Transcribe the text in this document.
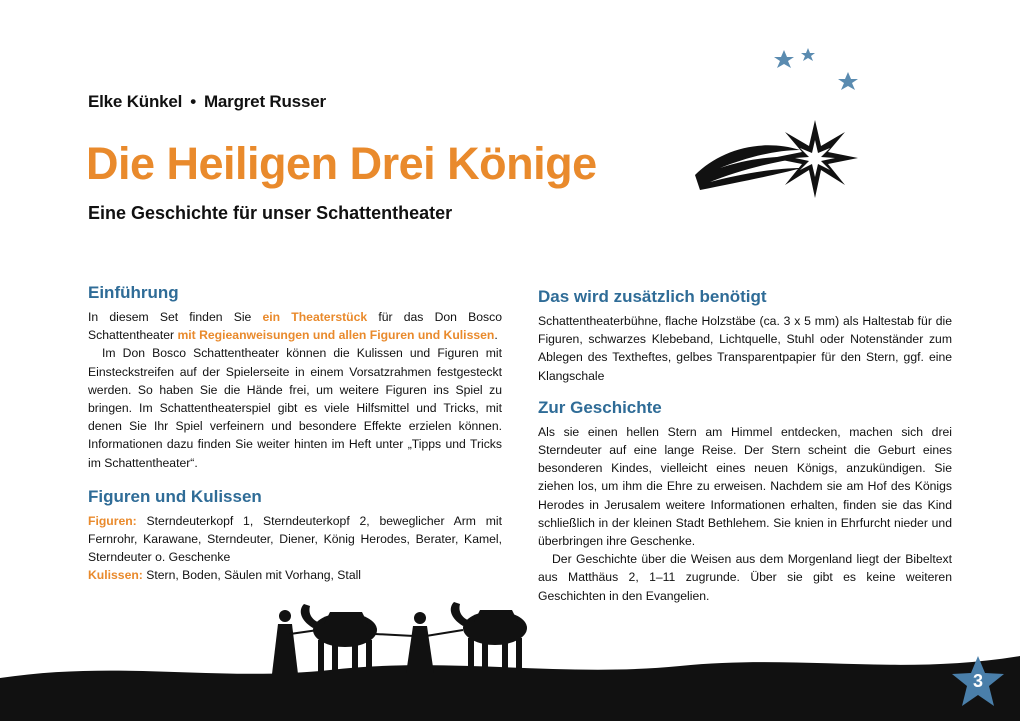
Elke Künkel • Margret Russer
Die Heiligen Drei Könige
Eine Geschichte für unser Schattentheater
Einführung

In diesem Set finden Sie ein Theaterstück für das Don Bosco Schattentheater mit Regieanweisungen und allen Figuren und Kulissen.

Im Don Bosco Schattentheater können die Kulissen und Figuren mit Einsteckstreifen auf der Spielerseite in einem Vorsatzrahmen festgesteckt werden. So haben Sie die Hände frei, um weitere Figuren ins Spiel zu bringen. Im Schattentheaterspiel gibt es viele Hilfsmittel und Tricks, mit denen Sie Ihr Spiel verfeinern und besondere Effekte erzielen können. Informationen dazu finden Sie weiter hinten im Heft unter „Tipps und Tricks im Schattentheater“.

Figuren und Kulissen

Figuren: Sterndeuterkopf 1, Sterndeuterkopf 2, beweglicher Arm mit Fernrohr, Karawane, Sterndeuter, Diener, König Herodes, Berater, Kamel, Sterndeuter o. Geschenke

Kulissen: Stern, Boden, Säulen mit Vorhang, Stall

Das wird zusätzlich benötigt

Schattentheaterbühne, flache Holzstäbe (ca. 3 x 5 mm) als Haltestab für die Figuren, schwarzes Klebeband, Lichtquelle, Stuhl oder Notenständer zum Ablegen des Textheftes, gelbes Transparentpapier für den Stern, ggf. eine Klangschale

Zur Geschichte

Als sie einen hellen Stern am Himmel entdecken, machen sich drei Sterndeuter auf eine lange Reise. Der Stern scheint die Geburt eines besonderen Kindes, vielleicht eines neuen Königs, anzukündigen. Sie ziehen los, um ihm die Ehre zu erweisen. Nachdem sie am Hof des Königs Herodes in Jerusalem weitere Informationen erhalten, finden sie das Kind schließlich in der kleinen Stadt Bethlehem. Sie knien in Ehrfurcht nieder und überbringen ihre Geschenke.

Der Geschichte über die Weisen aus dem Morgenland liegt der Bibeltext aus Matthäus 2, 1–11 zugrunde. Über sie gibt es keine weiteren Geschichten in den Evangelien.

3
